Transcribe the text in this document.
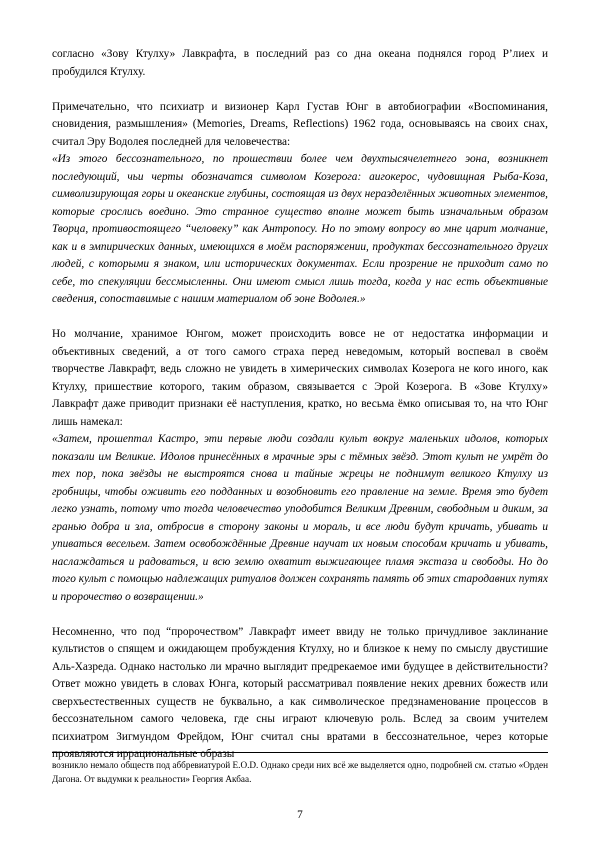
согласно «Зову Ктулху» Лавкрафта, в последний раз со дна океана поднялся город Р’лиех и пробудился Ктулху.

Примечательно, что психиатр и визионер Карл Густав Юнг в автобиографии «Воспоминания, сновидения, размышления» (Memories, Dreams, Reflections) 1962 года, основываясь на своих снах, считал Эру Водолея последней для человечества:

«Из этого бессознательного, по прошествии более чем двухтысячелетнего эона, возникнет последующий, чьи черты обозначатся символом Козерога: аигокерос, чудовищная Рыба-Коза, символизирующая горы и океанские глубины, состоящая из двух неразделённых животных элементов, которые срослись воедино. Это странное существо вполне может быть изначальным образом Творца, противостоящего “человеку” как Антропосу. Но по этому вопросу во мне царит молчание, как и в эмпирических данных, имеющихся в моём распоряжении, продуктах бессознательного других людей, с которыми я знаком, или исторических документах. Если прозрение не приходит само по себе, то спекуляции бессмысленны. Они имеют смысл лишь тогда, когда у нас есть объективные сведения, сопоставимые с нашим материалом об эоне Водолея.»

Но молчание, хранимое Юнгом, может происходить вовсе не от недостатка информации и объективных сведений, а от того самого страха перед неведомым, который воспевал в своём творчестве Лавкрафт, ведь сложно не увидеть в химерических символах Козерога не кого иного, как Ктулху, пришествие которого, таким образом, связывается с Эрой Козерога. В «Зове Ктулху» Лавкрафт даже приводит признаки её наступления, кратко, но весьма ёмко описывая то, на что Юнг лишь намекал:

«Затем, прошептал Кастро, эти первые люди создали культ вокруг маленьких идолов, которых показали им Великие. Идолов принесённых в мрачные эры с тёмных звёзд. Этот культ не умрёт до тех пор, пока звёзды не выстроятся снова и тайные жрецы не поднимут великого Ктулху из гробницы, чтобы оживить его подданных и возобновить его правление на земле. Время это будет легко узнать, потому что тогда человечество уподобится Великим Древним, свободным и диким, за гранью добра и зла, отбросив в сторону законы и мораль, и все люди будут кричать, убивать и упиваться весельем. Затем освобождённые Древние научат их новым способам кричать и убивать, наслаждаться и радоваться, и всю землю охватит выжигающее пламя экстаза и свободы. Но до того культ с помощью надлежащих ритуалов должен сохранять память об этих стародавних путях и пророчество о возвращении.»

Несомненно, что под “пророчеством” Лавкрафт имеет ввиду не только причудливое заклинание культистов о спящем и ожидающем пробуждения Ктулху, но и близкое к нему по смыслу двустишие Аль-Хазреда. Однако настолько ли мрачно выглядит предрекаемое ими будущее в действительности? Ответ можно увидеть в словах Юнга, который рассматривал появление неких древних божеств или сверхъестественных существ не буквально, а как символическое предзнаменование процессов в бессознательном самого человека, где сны играют ключевую роль. Вслед за своим учителем психиатром Зигмундом Фрейдом, Юнг считал сны вратами в бессознательное, через которые проявляются иррациональные образы

возникло немало обществ под аббревиатурой E.O.D. Однако среди них всё же выделяется одно, подробней см. статью «Орден Дагона. От выдумки к реальности» Георгия Акбаа.

7
